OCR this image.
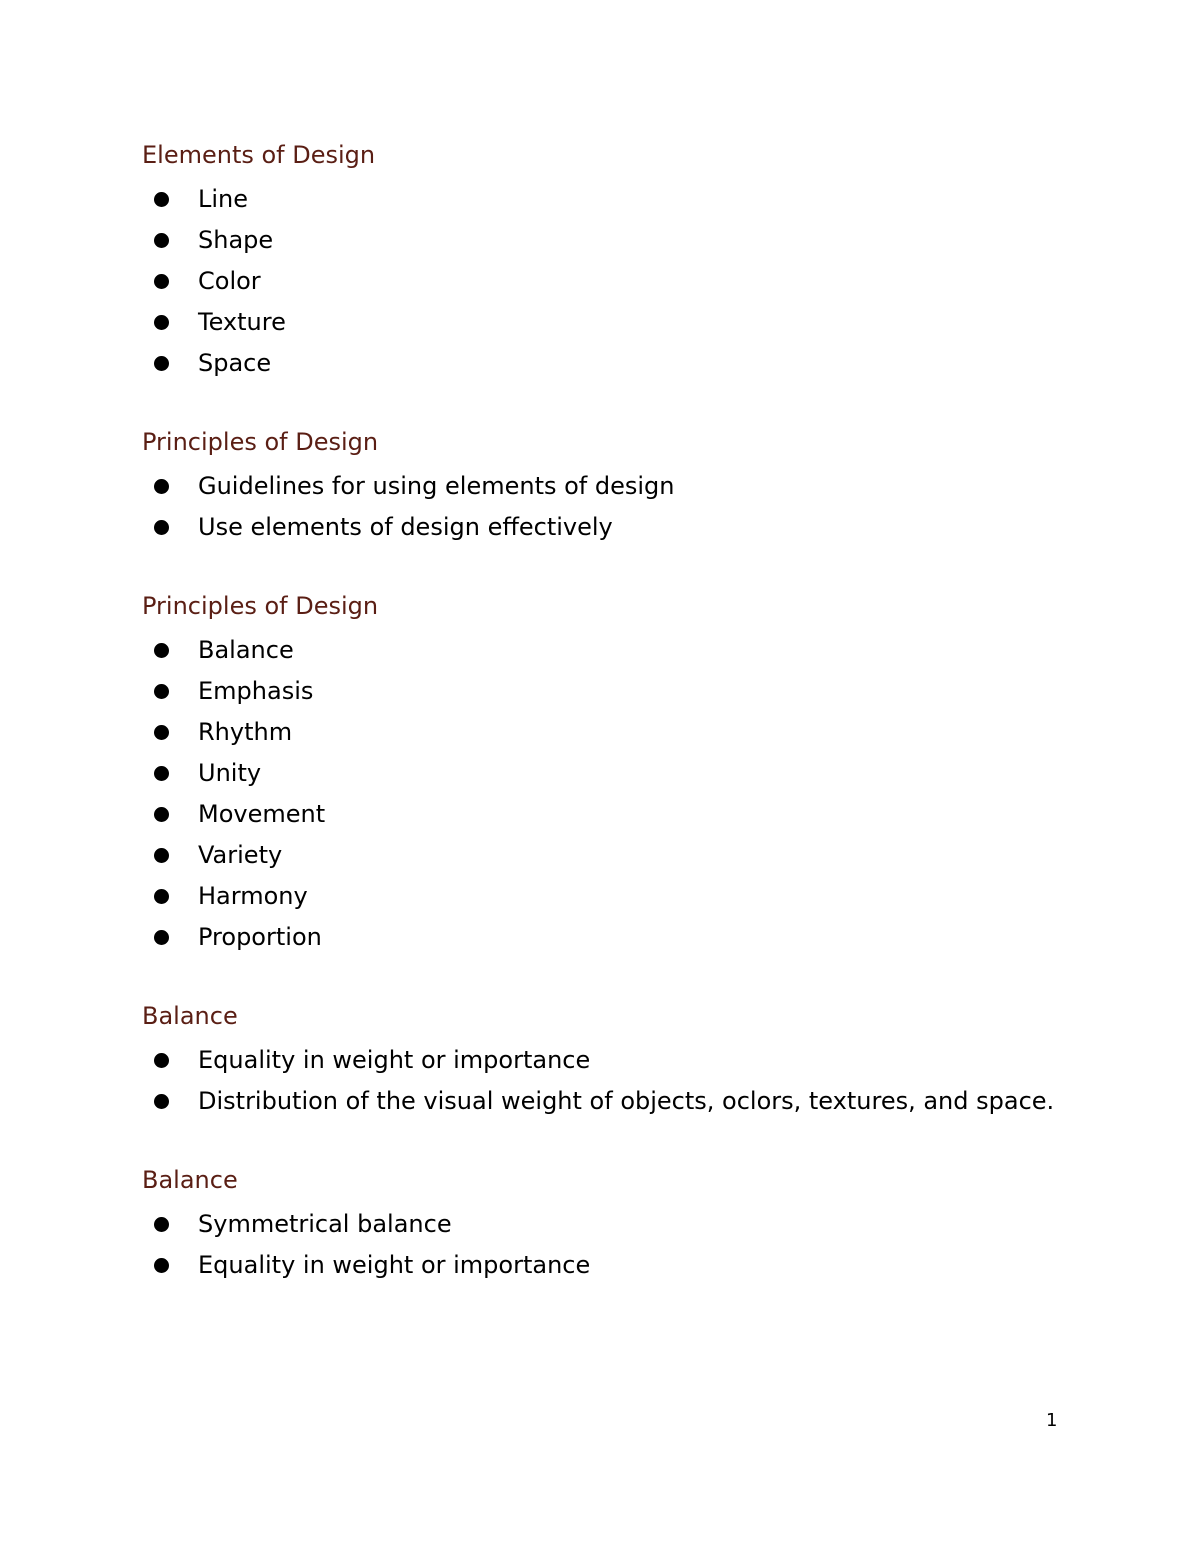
Elements of Design
Line
Shape
Color
Texture
Space
Principles of Design
Guidelines for using elements of design
Use elements of design effectively
Principles of Design
Balance
Emphasis
Rhythm
Unity
Movement
Variety
Harmony
Proportion
Balance
Equality in weight or importance
Distribution of the visual weight of objects, oclors, textures, and space.
Balance
Symmetrical balance
Equality in weight or importance
1
